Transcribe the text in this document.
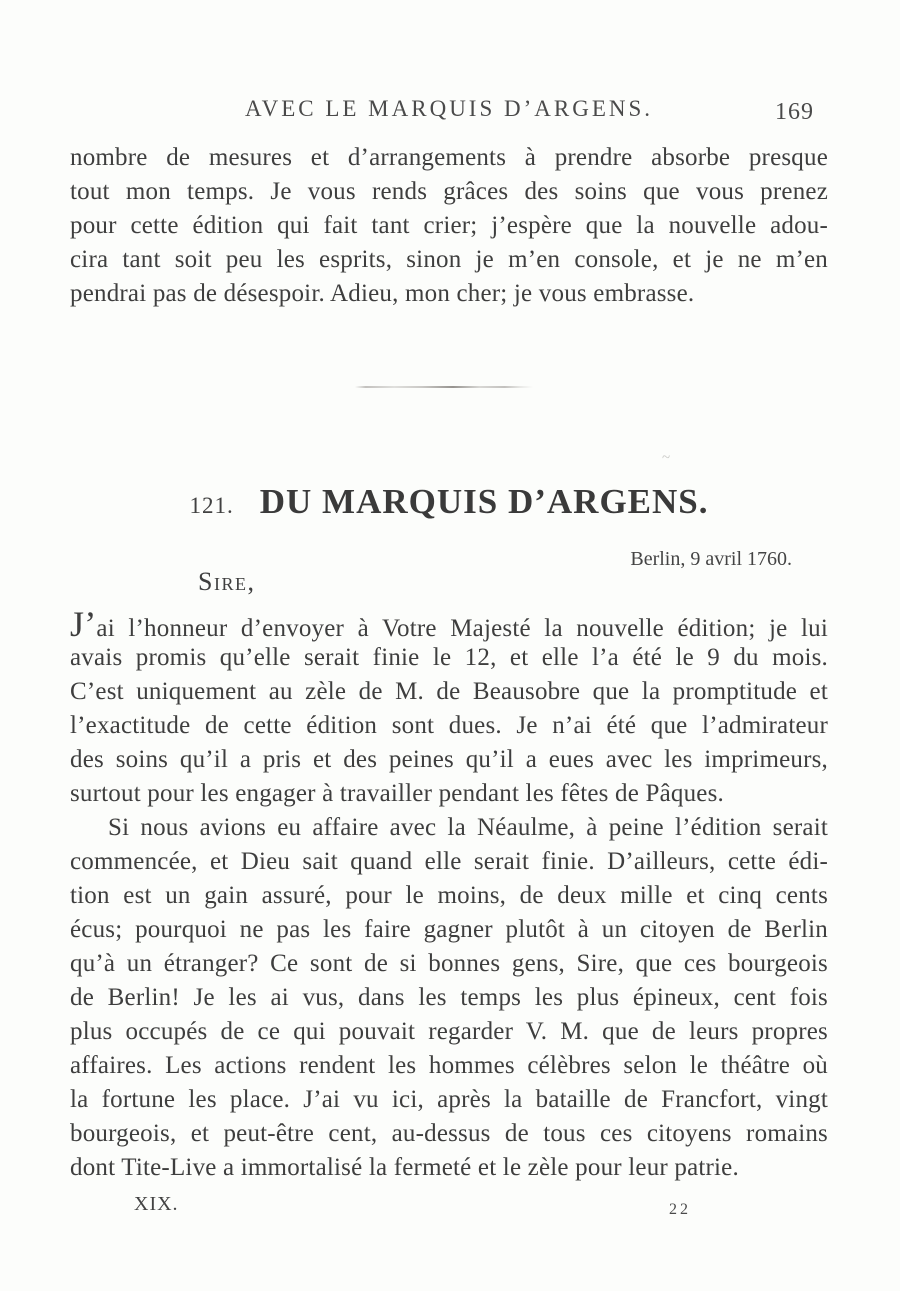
AVEC LE MARQUIS D’ARGENS.	169
nombre de mesures et d’arrangements à prendre absorbe presque
tout mon temps. Je vous rends grâces des soins que vous prenez
pour cette édition qui fait tant crier; j’espère que la nouvelle adou-
cira tant soit peu les esprits, sinon je m’en console, et je ne m’en
pendrai pas de désespoir. Adieu, mon cher; je vous embrasse.
~
121. DU MARQUIS D’ARGENS.
Berlin, 9 avril 1760.
Sire,
J’ai l’honneur d’envoyer à Votre Majesté la nouvelle édition; je lui
avais promis qu’elle serait finie le 12, et elle l’a été le 9 du mois.
C’est uniquement au zèle de M. de Beausobre que la promptitude et
l’exactitude de cette édition sont dues. Je n’ai été que l’admirateur
des soins qu’il a pris et des peines qu’il a eues avec les imprimeurs,
surtout pour les engager à travailler pendant les fêtes de Pâques.
Si nous avions eu affaire avec la Néaulme, à peine l’édition serait
commencée, et Dieu sait quand elle serait finie. D’ailleurs, cette édi-
tion est un gain assuré, pour le moins, de deux mille et cinq cents
écus; pourquoi ne pas les faire gagner plutôt à un citoyen de Berlin
qu’à un étranger? Ce sont de si bonnes gens, Sire, que ces bourgeois
de Berlin! Je les ai vus, dans les temps les plus épineux, cent fois
plus occupés de ce qui pouvait regarder V. M. que de leurs propres
affaires. Les actions rendent les hommes célèbres selon le théâtre où
la fortune les place. J’ai vu ici, après la bataille de Francfort, vingt
bourgeois, et peut-être cent, au-dessus de tous ces citoyens romains
dont Tite-Live a immortalisé la fermeté et le zèle pour leur patrie.
XIX.	22
